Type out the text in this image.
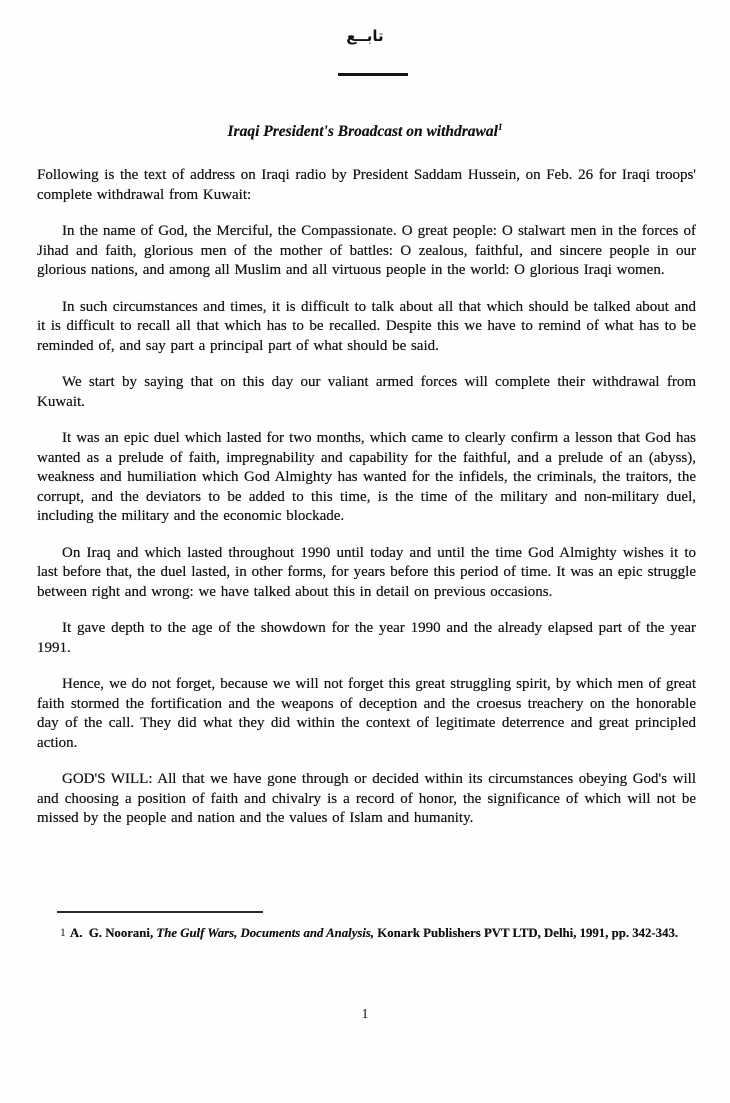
تابــع
Iraqi President's Broadcast on withdrawal$^1$

Following is the text of address on Iraqi radio by President Saddam Hussein, on Feb. 26 for Iraqi troops' complete withdrawal from Kuwait:

In the name of God, the Merciful, the Compassionate. O great people: O stalwart men in the forces of Jihad and faith, glorious men of the mother of battles: O zealous, faithful, and sincere people in our glorious nations, and among all Muslim and all virtuous people in the world: O glorious Iraqi women.

In such circumstances and times, it is difficult to talk about all that which should be talked about and it is difficult to recall all that which has to be recalled. Despite this we have to remind of what has to be reminded of, and say part a principal part of what should be said.

We start by saying that on this day our valiant armed forces will complete their withdrawal from Kuwait.

It was an epic duel which lasted for two months, which came to clearly confirm a lesson that God has wanted as a prelude of faith, impregnability and capability for the faithful, and a prelude of an (abyss), weakness and humiliation which God Almighty has wanted for the infidels, the criminals, the traitors, the corrupt, and the deviators to be added to this time, is the time of the military and non-military duel, including the military and the economic blockade.

On Iraq and which lasted throughout 1990 until today and until the time God Almighty wishes it to last before that, the duel lasted, in other forms, for years before this period of time. It was an epic struggle between right and wrong: we have talked about this in detail on previous occasions.

It gave depth to the age of the showdown for the year 1990 and the already elapsed part of the year 1991.

Hence, we do not forget, because we will not forget this great struggling spirit, by which men of great faith stormed the fortification and the weapons of deception and the croesus treachery on the honorable day of the call. They did what they did within the context of legitimate deterrence and great principled action.

GOD'S WILL: All that we have gone through or decided within its circumstances obeying God's will and choosing a position of faith and chivalry is a record of honor, the significance of which will not be missed by the people and nation and the values of Islam and humanity.

1 A.  G. Noorani, The Gulf Wars, Documents and Analysis, Konark Publishers PVT LTD, Delhi, 1991, pp. 342-343.
1
